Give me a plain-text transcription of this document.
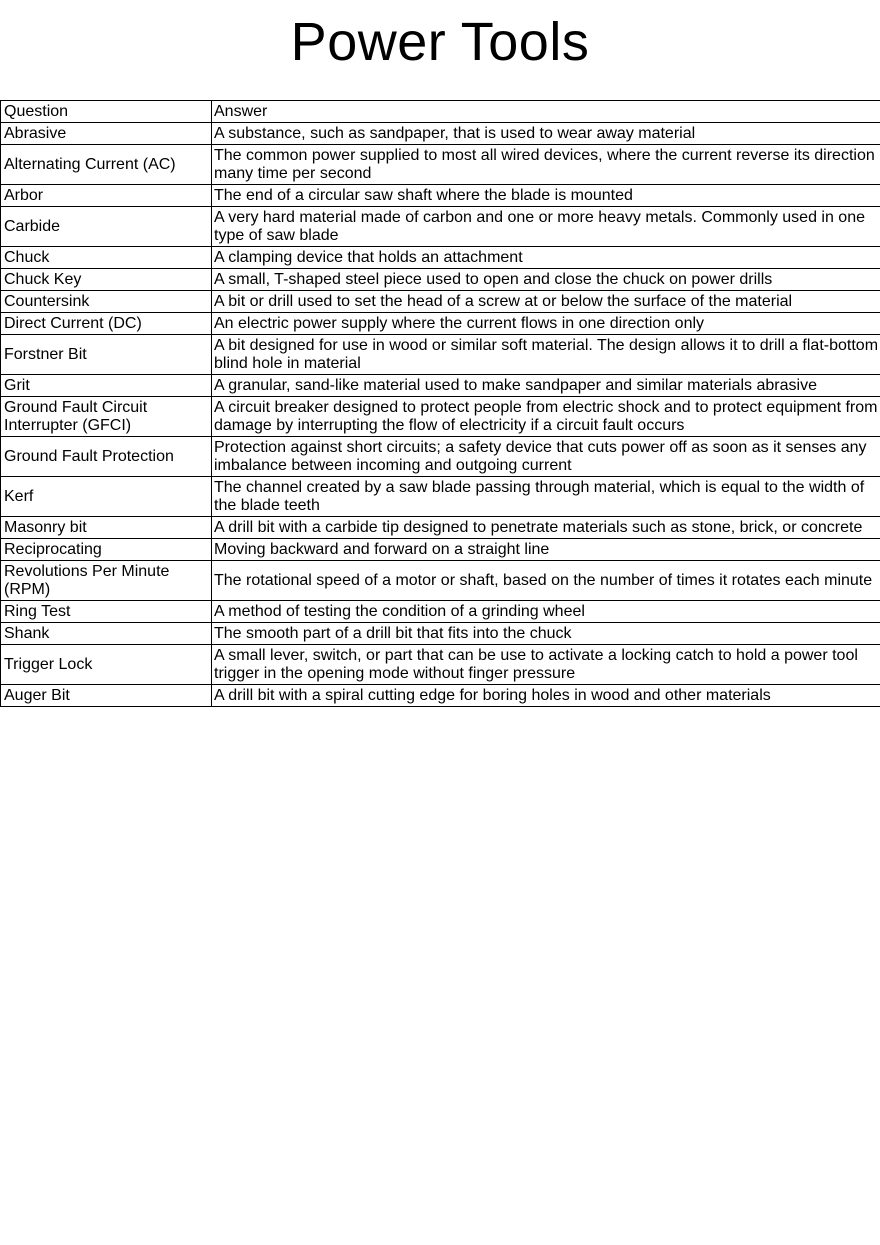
Power Tools
Question	Answer
Abrasive	A substance, such as sandpaper, that is used to wear away material
Alternating Current (AC)	The common power supplied to most all wired devices, where the current reverse its direction many time per second
Arbor	The end of a circular saw shaft where the blade is mounted
Carbide	A very hard material made of carbon and one or more heavy metals. Commonly used in one type of saw blade
Chuck	A clamping device that holds an attachment
Chuck Key	A small, T-shaped steel piece used to open and close the chuck on power drills
Countersink	A bit or drill used to set the head of a screw at or below the surface of the material
Direct Current (DC)	An electric power supply where the current flows in one direction only
Forstner Bit	A bit designed for use in wood or similar soft material. The design allows it to drill a flat-bottom blind hole in material
Grit	A granular, sand-like material used to make sandpaper and similar materials abrasive
Ground Fault Circuit Interrupter (GFCI)	A circuit breaker designed to protect people from electric shock and to protect equipment from damage by interrupting the flow of electricity if a circuit fault occurs
Ground Fault Protection	Protection against short circuits; a safety device that cuts power off as soon as it senses any imbalance between incoming and outgoing current
Kerf	The channel created by a saw blade passing through material, which is equal to the width of the blade teeth
Masonry bit	A drill bit with a carbide tip designed to penetrate materials such as stone, brick, or concrete
Reciprocating	Moving backward and forward on a straight line
Revolutions Per Minute (RPM)	The rotational speed of a motor or shaft, based on the number of times it rotates each minute
Ring Test	A method of testing the condition of a grinding wheel
Shank	The smooth part of a drill bit that fits into the chuck
Trigger Lock	A small lever, switch, or part that can be use to activate a locking catch to hold a power tool trigger in the opening mode without finger pressure
Auger Bit	A drill bit with a spiral cutting edge for boring holes in wood and other materials
